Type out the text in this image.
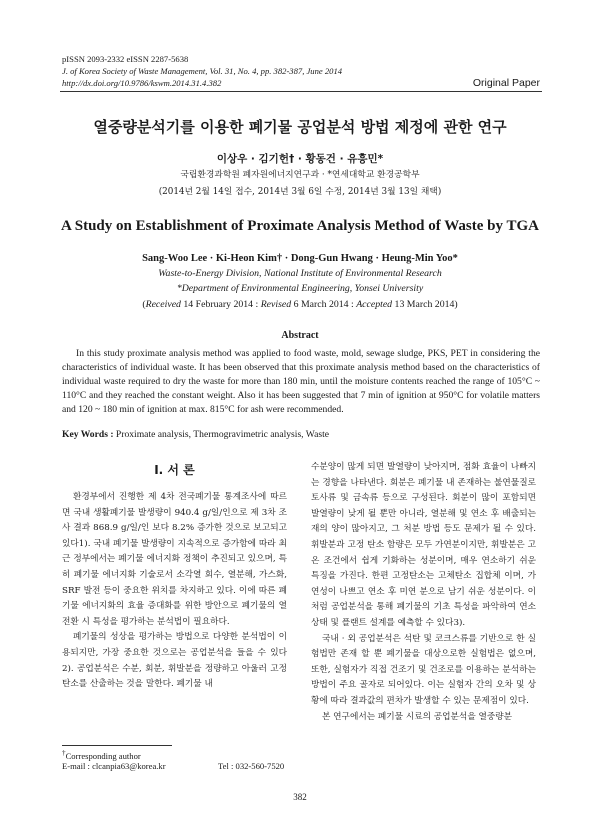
pISSN 2093-2332 eISSN 2287-5638
J. of Korea Society of Waste Management, Vol. 31, No. 4, pp. 382-387, June 2014
http://dx.doi.org/10.9786/kswm.2014.31.4.382	Original Paper
열중량분석기를 이용한 폐기물 공업분석 방법 제정에 관한 연구
이상우 · 김기헌† · 황동건 · 유흥민*
국립환경과학원 폐자원에너지연구과 · *연세대학교 환경공학부
(2014년 2월 14일 접수, 2014년 3월 6일 수정, 2014년 3월 13일 채택)
A Study on Establishment of Proximate Analysis Method of Waste by TGA
Sang-Woo Lee · Ki-Heon Kim† · Dong-Gun Hwang · Heung-Min Yoo*
Waste-to-Energy Division, National Institute of Environmental Research
*Department of Environmental Engineering, Yonsei University
(Received 14 February 2014 : Revised 6 March 2014 : Accepted 13 March 2014)
Abstract

In this study proximate analysis method was applied to food waste, mold, sewage sludge, PKS, PET in considering the characteristics of individual waste. It has been observed that this proximate analysis method based on the characteristics of individual waste required to dry the waste for more than 180 min, until the moisture contents reached the range of 105°C ~ 110°C and they reached the constant weight. Also it has been suggested that 7 min of ignition at 950°C for volatile matters and 120 ~ 180 min of ignition at max. 815°C for ash were recommended.

Key Words : Proximate analysis, Thermogravimetric analysis, Waste
I. 서 론

환경부에서 진행한 제 4차 전국폐기물 통계조사에 따르면 국내 생활폐기물 발생량이 940.4 g/일/인으로 제 3차 조사 결과 868.9 g/일/인 보다 8.2% 증가한 것으로 보고되고 있다1). 국내 폐기물 발생량이 지속적으로 증가함에 따라 최근 정부에서는 폐기물 에너지화 정책이 추진되고 있으며, 특히 폐기물 에너지화 기술로서 소각열 회수, 열분해, 가스화, SRF 발전 등이 중요한 위치를 차지하고 있다. 이에 따른 폐기물 에너지화의 효율 증대화를 위한 방안으로 폐기물의 열 전환 시 특성을 평가하는 분석법이 필요하다.

폐기물의 성상을 평가하는 방법으로 다양한 분석법이 이용되지만, 가장 중요한 것으로는 공업분석을 들을 수 있다2). 공업분석은 수분, 회분, 휘발분을 정량하고 아울러 고정탄소를 산출하는 것을 말한다. 폐기물 내

수분양이 많게 되면 발열량이 낮아지며, 점화 효율이 나빠지는 경향을 나타낸다. 회분은 폐기물 내 존재하는 불연물질로 토사류 및 금속류 등으로 구성된다. 회분이 많이 포함되면 발열량이 낮게 될 뿐만 아니라, 열분해 및 연소 후 배출되는 재의 양이 많아지고, 그 처분 방법 등도 문제가 될 수 있다. 휘발분과 고정 탄소 함량은 모두 가연분이지만, 휘발분은 고온 조건에서 쉽게 기화하는 성분이며, 매우 연소하기 쉬운 특징을 가진다. 한편 고정탄소는 고체탄소 집합체 이며, 가연성이 나쁘고 연소 후 미연 분으로 남기 쉬운 성분이다. 이처럼 공업분석을 통해 폐기물의 기초 특성을 파악하여 연소 상태 및 플랜트 설계를 예측할 수 있다3).

국내 · 외 공업분석은 석탄 및 코크스류를 기반으로 한 실험법만 존재 할 뿐 폐기물을 대상으로한 실험법은 없으며, 또한, 실험자가 직접 건조기 및 건조로를 이용하는 분석하는 방법이 주요 골자로 되어있다. 이는 실험자 간의 오차 및 상황에 따라 결과값의 편차가 발생할 수 있는 문제점이 있다.

본 연구에서는 폐기물 시료의 공업분석을 열중량분

†Corresponding author
E-mail : clcanpia63@korea.kr	Tel : 032-560-7520
382
